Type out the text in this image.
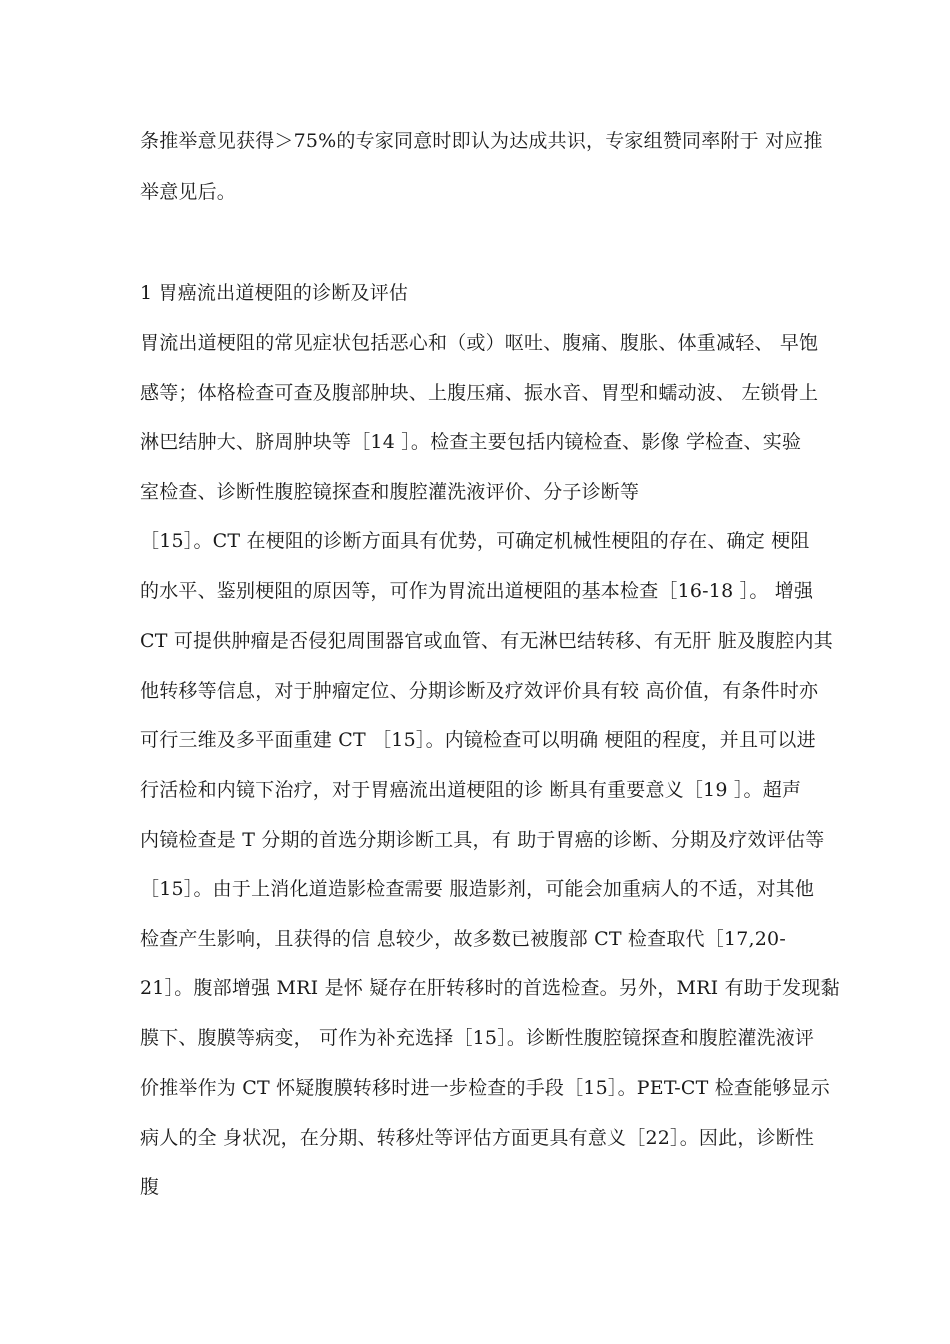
条推举意见获得＞75%的专家同意时即认为达成共识，专家组赞同率附于 对应推
举意见后。
1 胃癌流出道梗阻的诊断及评估
胃流出道梗阻的常见症状包括恶心和（或）呕吐、腹痛、腹胀、体重减轻、 早饱
感等；体格检查可查及腹部肿块、上腹压痛、振水音、胃型和蠕动波、 左锁骨上
淋巴结肿大、脐周肿块等［14 ］。检查主要包括内镜检查、影像 学检查、实验
室检查、诊断性腹腔镜探查和腹腔灌洗液评价、分子诊断等
［15］。CT 在梗阻的诊断方面具有优势，可确定机械性梗阻的存在、确定 梗阻
的水平、鉴别梗阻的原因等，可作为胃流出道梗阻的基本检查［16-18 ］。 增强
CT 可提供肿瘤是否侵犯周围器官或血管、有无淋巴结转移、有无肝 脏及腹腔内其
他转移等信息，对于肿瘤定位、分期诊断及疗效评价具有较 高价值，有条件时亦
可行三维及多平面重建 CT ［15］。内镜检查可以明确 梗阻的程度，并且可以进
行活检和内镜下治疗，对于胃癌流出道梗阻的诊 断具有重要意义［19 ］。超声
内镜检查是 T 分期的首选分期诊断工具，有 助于胃癌的诊断、分期及疗效评估等
［15］。由于上消化道造影检查需要 服造影剂，可能会加重病人的不适，对其他
检查产生影响，且获得的信 息较少，故多数已被腹部 CT 检查取代［17,20-
21］。腹部增强 MRI 是怀 疑存在肝转移时的首选检查。另外，MRI 有助于发现黏
膜下、腹膜等病变， 可作为补充选择［15］。诊断性腹腔镜探查和腹腔灌洗液评
价推举作为 CT 怀疑腹膜转移时进一步检查的手段［15］。PET-CT 检查能够显示
病人的全 身状况，在分期、转移灶等评估方面更具有意义［22］。因此，诊断性
腹
